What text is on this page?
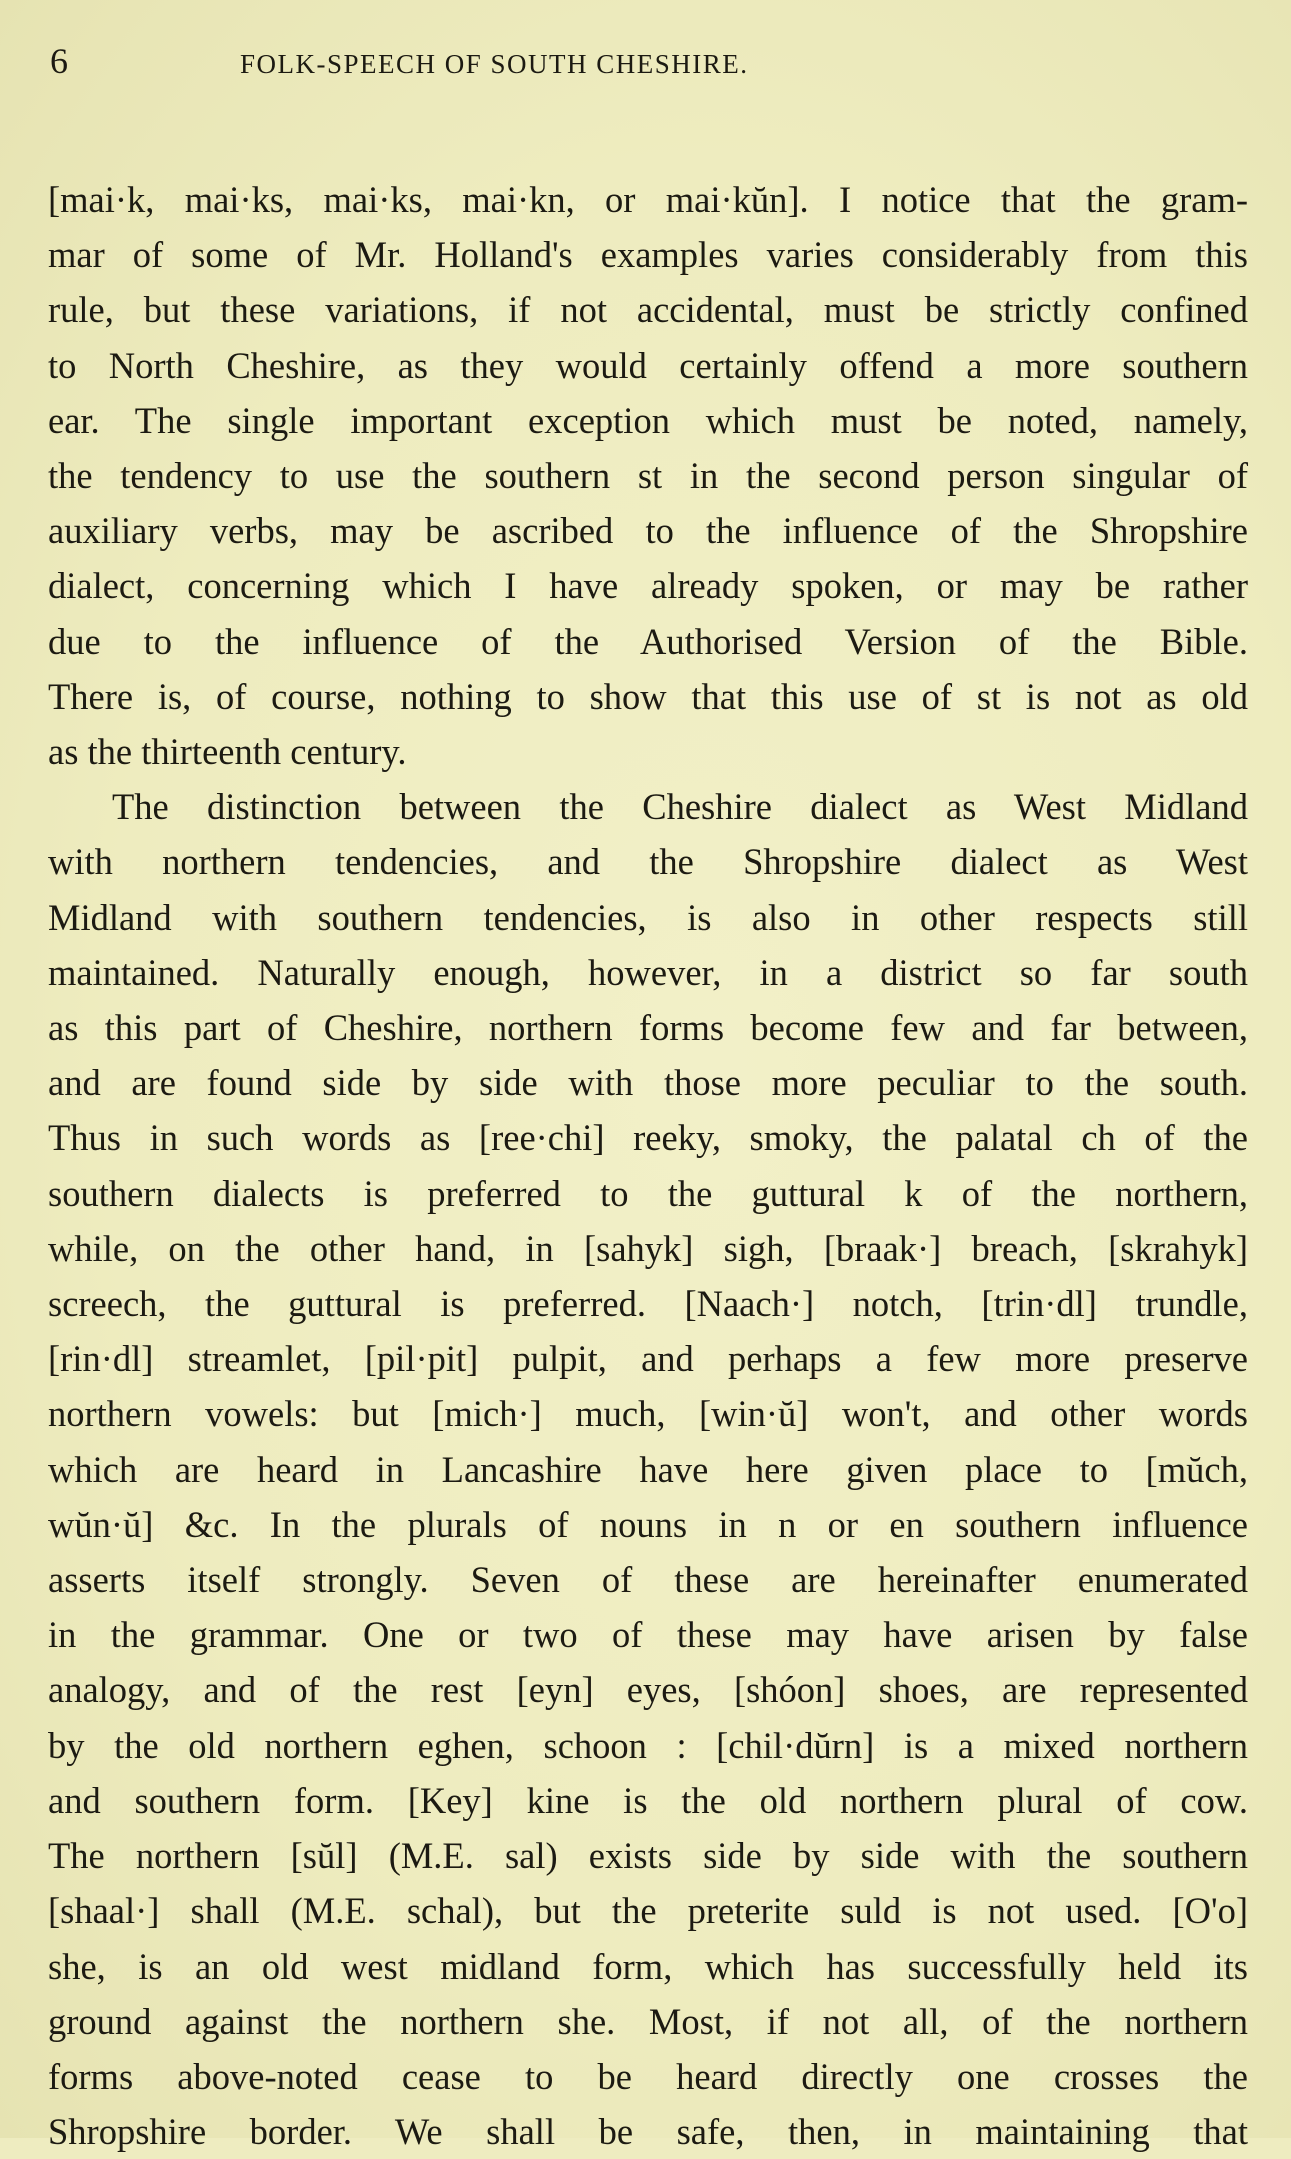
6	FOLK-SPEECH OF SOUTH CHESHIRE.

[mai·k, mai·ks, mai·ks, mai·kn, or mai·kŭn]. I notice that the gram-

mar of some of Mr. Holland's examples varies considerably from this

rule, but these variations, if not accidental, must be strictly confined

to North Cheshire, as they would certainly offend a more southern

ear. The single important exception which must be noted, namely,

the tendency to use the southern st in the second person singular of

auxiliary verbs, may be ascribed to the influence of the Shropshire

dialect, concerning which I have already spoken, or may be rather

due to the influence of the Authorised Version of the Bible.

There is, of course, nothing to show that this use of st is not as old

as the thirteenth century.

The distinction between the Cheshire dialect as West Midland

with northern tendencies, and the Shropshire dialect as West

Midland with southern tendencies, is also in other respects still

maintained. Naturally enough, however, in a district so far south

as this part of Cheshire, northern forms become few and far between,

and are found side by side with those more peculiar to the south.

Thus in such words as [ree·chi] reeky, smoky, the palatal ch of the

southern dialects is preferred to the guttural k of the northern,

while, on the other hand, in [sahyk] sigh, [braak·] breach, [skrahyk]

screech, the guttural is preferred. [Naach·] notch, [trin·dl] trundle,

[rin·dl] streamlet, [pil·pit] pulpit, and perhaps a few more preserve

northern vowels: but [mich·] much, [win·ŭ] won't, and other words

which are heard in Lancashire have here given place to [mŭch,

wŭn·ŭ] &c. In the plurals of nouns in n or en southern influence

asserts itself strongly. Seven of these are hereinafter enumerated

in the grammar. One or two of these may have arisen by false

analogy, and of the rest [eyn] eyes, [shóon] shoes, are represented

by the old northern eghen, schoon : [chil·dŭrn] is a mixed northern

and southern form. [Key] kine is the old northern plural of cow.

The northern [sŭl] (M.E. sal) exists side by side with the southern

[shaal·] shall (M.E. schal), but the preterite suld is not used. [O'o]

she, is an old west midland form, which has successfully held its

ground against the northern she. Most, if not all, of the northern

forms above-noted cease to be heard directly one crosses the

Shropshire border. We shall be safe, then, in maintaining that
